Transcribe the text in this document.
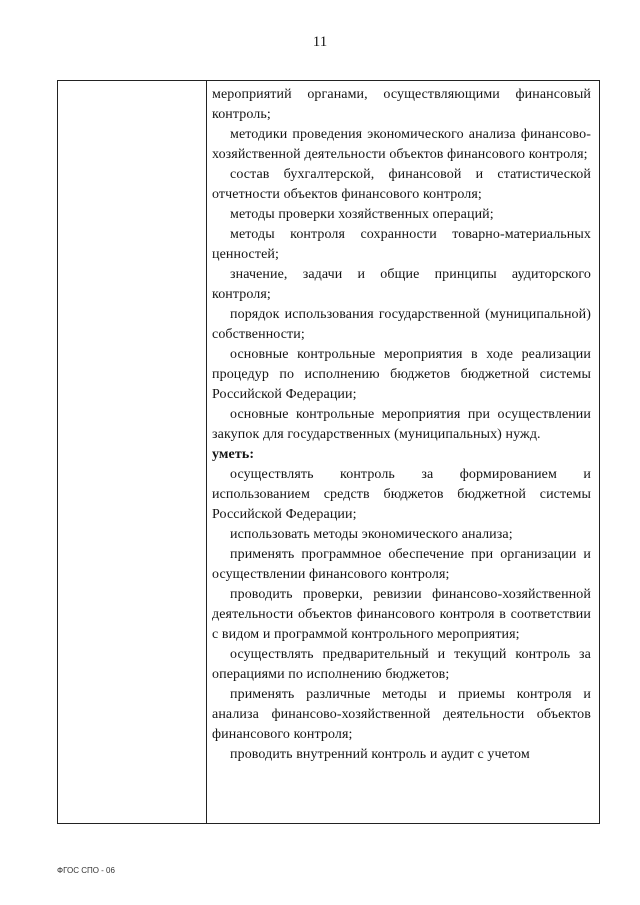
11

мероприятий органами, осуществляющими финансовый контроль;

методики проведения экономического анализа финансово-хозяйственной деятельности объектов финансового контроля;

состав бухгалтерской, финансовой и статистической отчетности объектов финансового контроля;

методы проверки хозяйственных операций;

методы контроля сохранности товарно-материальных ценностей;

значение, задачи и общие принципы аудиторского контроля;

порядок использования государственной (муниципальной) собственности;

основные контрольные мероприятия в ходе реализации процедур по исполнению бюджетов бюджетной системы Российской Федерации;

основные контрольные мероприятия при осуществлении закупок для государственных (муниципальных) нужд.

уметь:

осуществлять контроль за формированием и использованием средств бюджетов бюджетной системы Российской Федерации;

использовать методы экономического анализа;

применять программное обеспечение при организации и осуществлении финансового контроля;

проводить проверки, ревизии финансово-хозяйственной деятельности объектов финансового контроля в соответствии с видом и программой контрольного мероприятия;

осуществлять предварительный и текущий контроль за операциями по исполнению бюджетов;

применять различные методы и приемы контроля и анализа финансово-хозяйственной деятельности объектов финансового контроля;

проводить внутренний контроль и аудит с учетом

ФГОС СПО - 06
